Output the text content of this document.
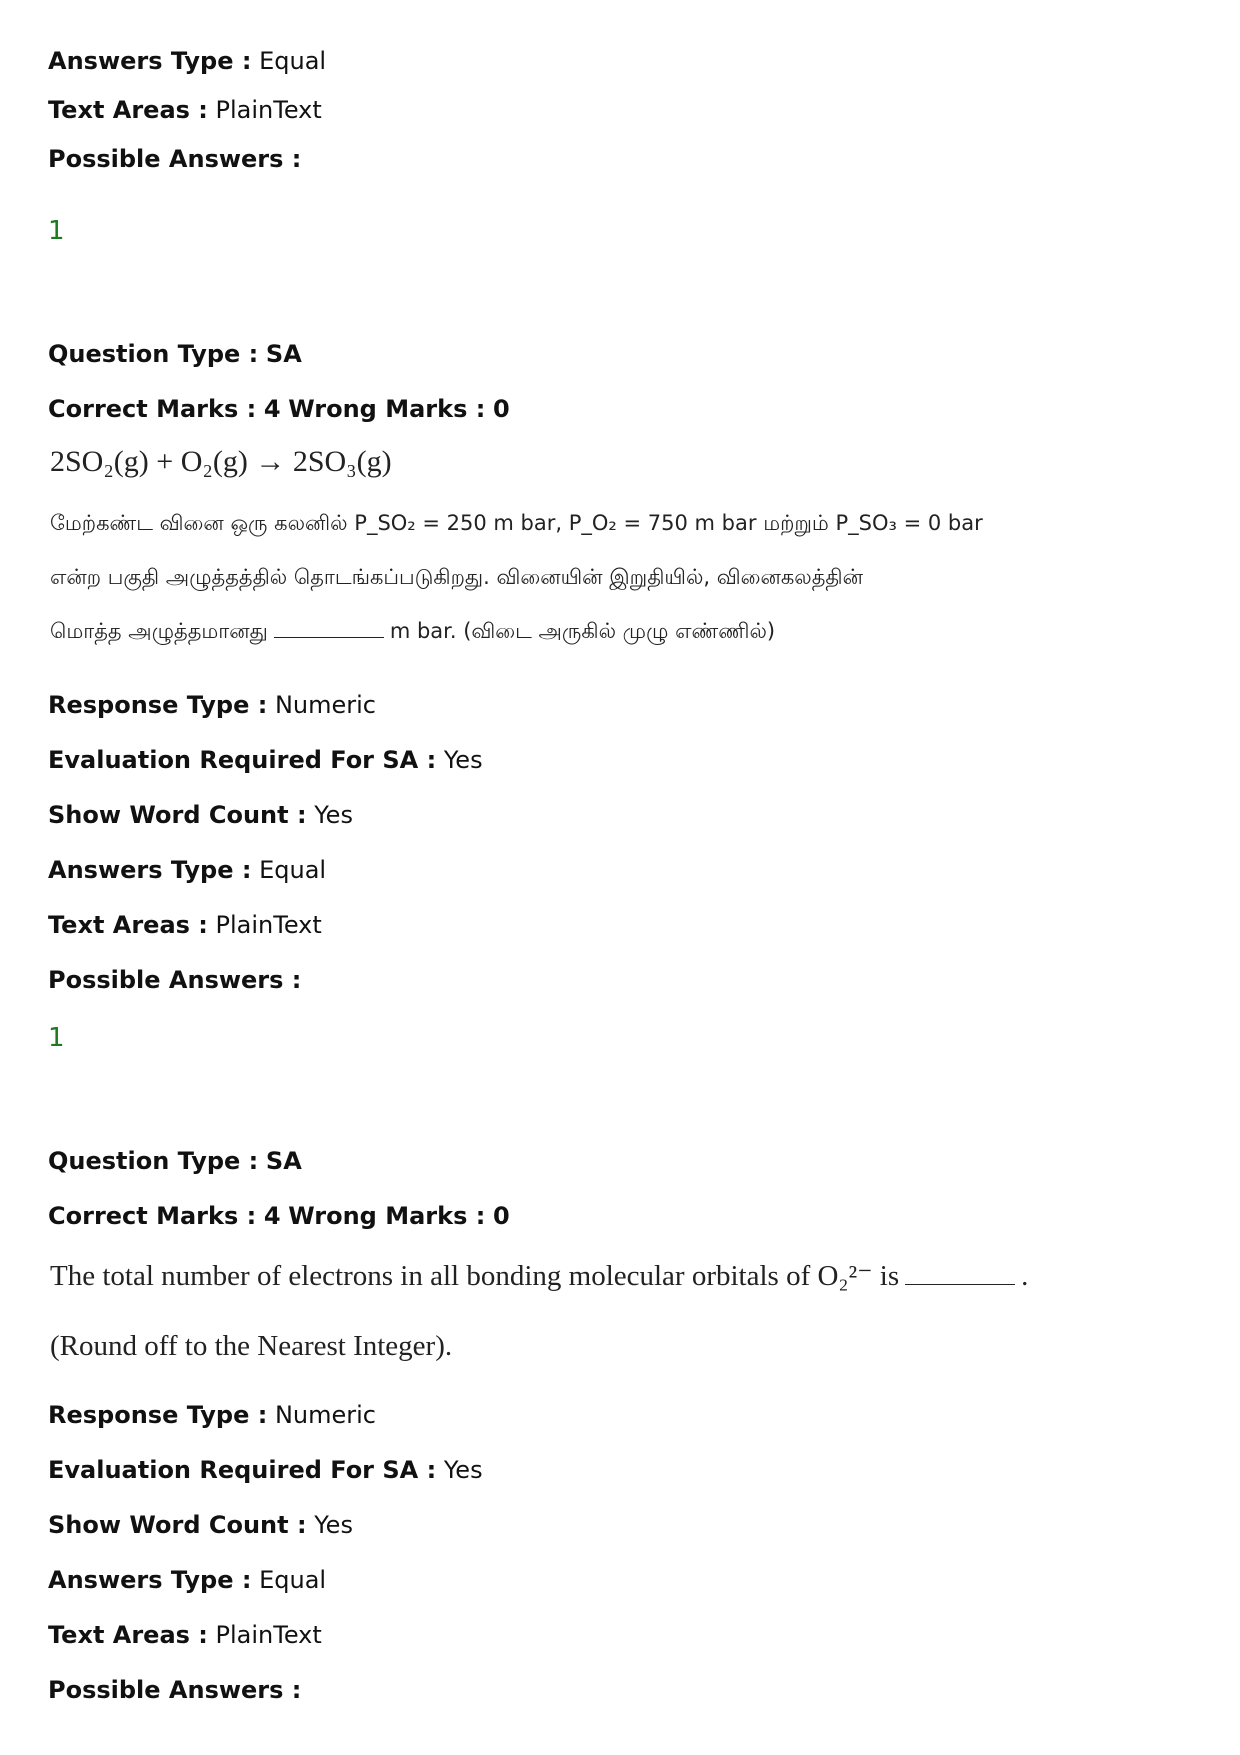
Answers Type : Equal
Text Areas : PlainText
Possible Answers :
1
Question Type : SA
Correct Marks : 4 Wrong Marks : 0
2SO₂(g) + O₂(g) → 2SO₃(g)
மேற்கண்ட வினை ஒரு கலனில் P_SO₂ = 250 m bar, P_O₂ = 750 m bar மற்றும் P_SO₃ = 0 bar
என்ற பகுதி அழுத்தத்தில் தொடங்கப்படுகிறது. வினையின் இறுதியில், வினைகலத்தின்
மொத்த அழுத்தமானது	m bar. (விடை அருகில் முழு எண்ணில்)
Response Type : Numeric
Evaluation Required For SA : Yes
Show Word Count : Yes
Answers Type : Equal
Text Areas : PlainText
Possible Answers :
1
Question Type : SA
Correct Marks : 4 Wrong Marks : 0
The total number of electrons in all bonding molecular orbitals of O₂²⁻ is	.
(Round off to the Nearest Integer).
Response Type : Numeric
Evaluation Required For SA : Yes
Show Word Count : Yes
Answers Type : Equal
Text Areas : PlainText
Possible Answers :
